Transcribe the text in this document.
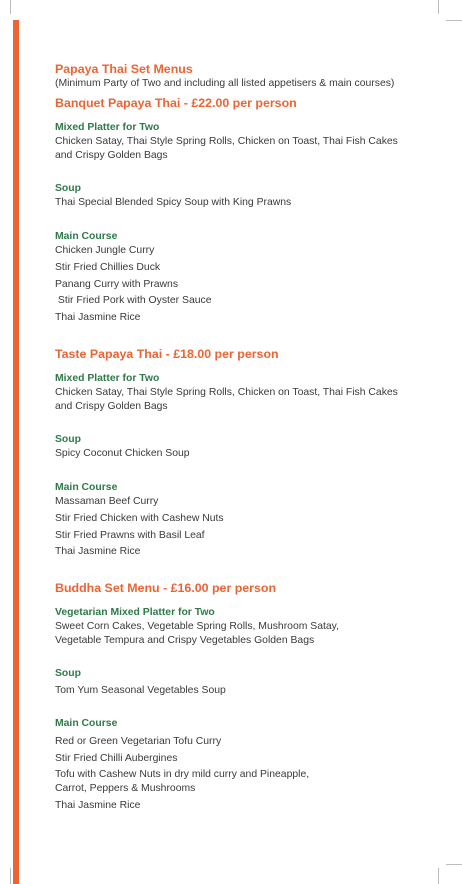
Papaya Thai Set Menus
(Minimum Party of Two and including all listed appetisers & main courses)
Banquet Papaya Thai - £22.00 per person
Mixed Platter for Two
Chicken Satay, Thai Style Spring Rolls, Chicken on Toast, Thai Fish Cakes
and Crispy Golden Bags
Soup
Thai Special Blended Spicy Soup with King Prawns
Main Course
Chicken Jungle Curry
Stir Fried Chillies Duck
Panang Curry with Prawns
Stir Fried Pork with Oyster Sauce
Thai Jasmine Rice
Taste Papaya Thai - £18.00 per person
Mixed Platter for Two
Chicken Satay, Thai Style Spring Rolls, Chicken on Toast, Thai Fish Cakes
and Crispy Golden Bags
Soup
Spicy Coconut Chicken Soup
Main Course
Massaman Beef Curry
Stir Fried Chicken with Cashew Nuts
Stir Fried Prawns with Basil Leaf
Thai Jasmine Rice
Buddha Set Menu - £16.00 per person
Vegetarian Mixed Platter for Two
Sweet Corn Cakes, Vegetable Spring Rolls, Mushroom Satay,
Vegetable Tempura and Crispy Vegetables Golden Bags
Soup
Tom Yum Seasonal Vegetables Soup
Main Course
Red or Green Vegetarian Tofu Curry
Stir Fried Chilli Aubergines
Tofu with Cashew Nuts in dry mild curry and Pineapple,
Carrot, Peppers & Mushrooms
Thai Jasmine Rice
